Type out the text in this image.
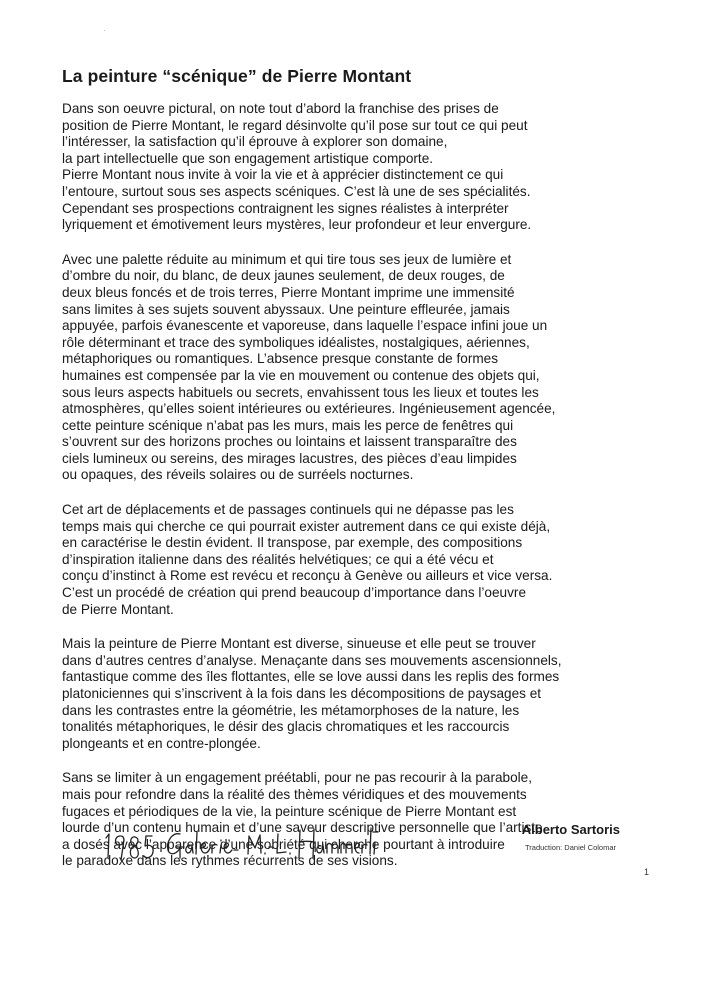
La peinture “scénique” de Pierre Montant
Dans son oeuvre pictural, on note tout d’abord la franchise des prises de
position de Pierre Montant, le regard désinvolte qu’il pose sur tout ce qui peut
l’intéresser, la satisfaction qu’il éprouve à explorer son domaine,
la part intellectuelle que son engagement artistique comporte.
Pierre Montant nous invite à voir la vie et à apprécier distinctement ce qui
l’entoure, surtout sous ses aspects scéniques. C’est là une de ses spécialités.
Cependant ses prospections contraignent les signes réalistes à interpréter
lyriquement et émotivement leurs mystères, leur profondeur et leur envergure.
Avec une palette réduite au minimum et qui tire tous ses jeux de lumière et
d’ombre du noir, du blanc, de deux jaunes seulement, de deux rouges, de
deux bleus foncés et de trois terres, Pierre Montant imprime une immensité
sans limites à ses sujets souvent abyssaux. Une peinture effleurée, jamais
appuyée, parfois évanescente et vaporeuse, dans laquelle l’espace infini joue un
rôle déterminant et trace des symboliques idéalistes, nostalgiques, aériennes,
métaphoriques ou romantiques. L’absence presque constante de formes
humaines est compensée par la vie en mouvement ou contenue des objets qui,
sous leurs aspects habituels ou secrets, envahissent tous les lieux et toutes les
atmosphères, qu’elles soient intérieures ou extérieures. Ingénieusement agencée,
cette peinture scénique n’abat pas les murs, mais les perce de fenêtres qui
s’ouvrent sur des horizons proches ou lointains et laissent transparaître des
ciels lumineux ou sereins, des mirages lacustres, des pièces d’eau limpides
ou opaques, des réveils solaires ou de surréels nocturnes.
Cet art de déplacements et de passages continuels qui ne dépasse pas les
temps mais qui cherche ce qui pourrait exister autrement dans ce qui existe déjà,
en caractérise le destin évident. Il transpose, par exemple, des compositions
d’inspiration italienne dans des réalités helvétiques; ce qui a été vécu et
conçu d’instinct à Rome est revécu et reconçu à Genève ou ailleurs et vice versa.
C’est un procédé de création qui prend beaucoup d’importance dans l’oeuvre
de Pierre Montant.
Mais la peinture de Pierre Montant est diverse, sinueuse et elle peut se trouver
dans d’autres centres d’analyse. Menaçante dans ses mouvements ascensionnels,
fantastique comme des îles flottantes, elle se love aussi dans les replis des formes
platoniciennes qui s’inscrivent à la fois dans les décompositions de paysages et
dans les contrastes entre la géométrie, les métamorphoses de la nature, les
tonalités métaphoriques, le désir des glacis chromatiques et les raccourcis
plongeants et en contre-plongée.
Sans se limiter à un engagement préétabli, pour ne pas recourir à la parabole,
mais pour refondre dans la réalité des thèmes véridiques et des mouvements
fugaces et périodiques de la vie, la peinture scénique de Pierre Montant est
lourde d’un contenu humain et d’une saveur descriptive personnelle que l’artiste
a dosés avec l’apparence d’une sobriété qui cherche pourtant à introduire
le paradoxe dans les rythmes récurrents de ses visions.
Alberto Sartoris
Traduction: Daniel Colomar
1
